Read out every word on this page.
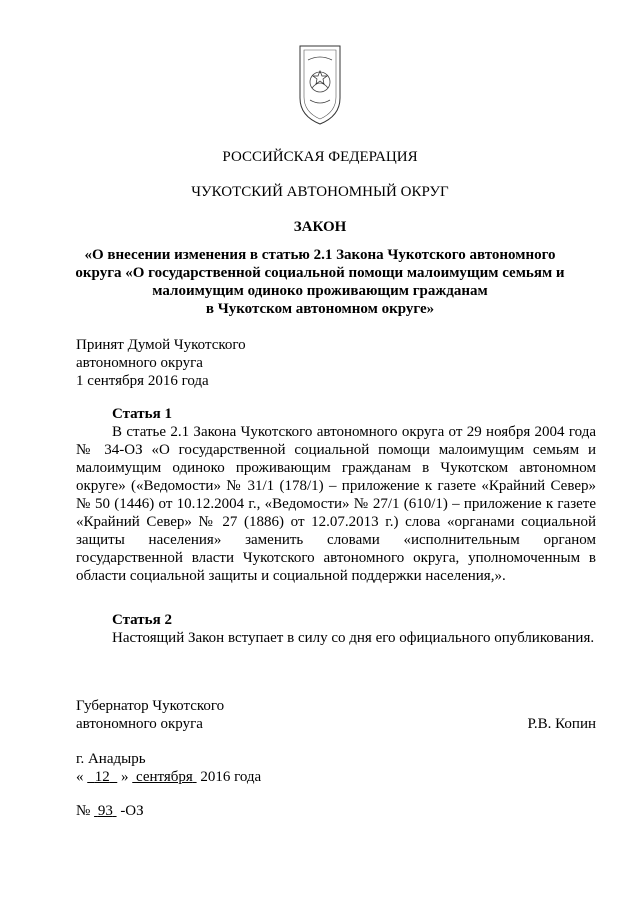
РОССИЙСКАЯ ФЕДЕРАЦИЯ
ЧУКОТСКИЙ АВТОНОМНЫЙ ОКРУГ
ЗАКОН

«О внесении изменения в статью 2.1 Закона Чукотского автономного

округа «О государственной социальной помощи малоимущим семьям и

малоимущим одиноко проживающим гражданам

в Чукотском автономном округе»

Принят Думой Чукотского

автономного округа

1 сентября 2016 года

Статья 1
В статье 2.1 Закона Чукотского автономного округа от 29 ноября 2004 года № 34-ОЗ «О государственной социальной помощи малоимущим семьям и малоимущим одиноко проживающим гражданам в Чукотском автономном округе» («Ведомости» № 31/1 (178/1) – приложение к газете «Крайний Север» № 50 (1446) от 10.12.2004 г., «Ведомости» № 27/1 (610/1) – приложение к газете «Крайний Север» № 27 (1886) от 12.07.2013 г.) слова «органами социальной защиты населения» заменить словами «исполнительным органом государственной власти Чукотского автономного округа, уполномоченным в области социальной защиты и социальной поддержки населения,».
Статья 2
Настоящий Закон вступает в силу со дня его официального опубликования.

Губернатор Чукотского

автономного округа	Р.В. Копин

г. Анадырь

« 12 » сентября 2016 года

№ 93 -ОЗ
